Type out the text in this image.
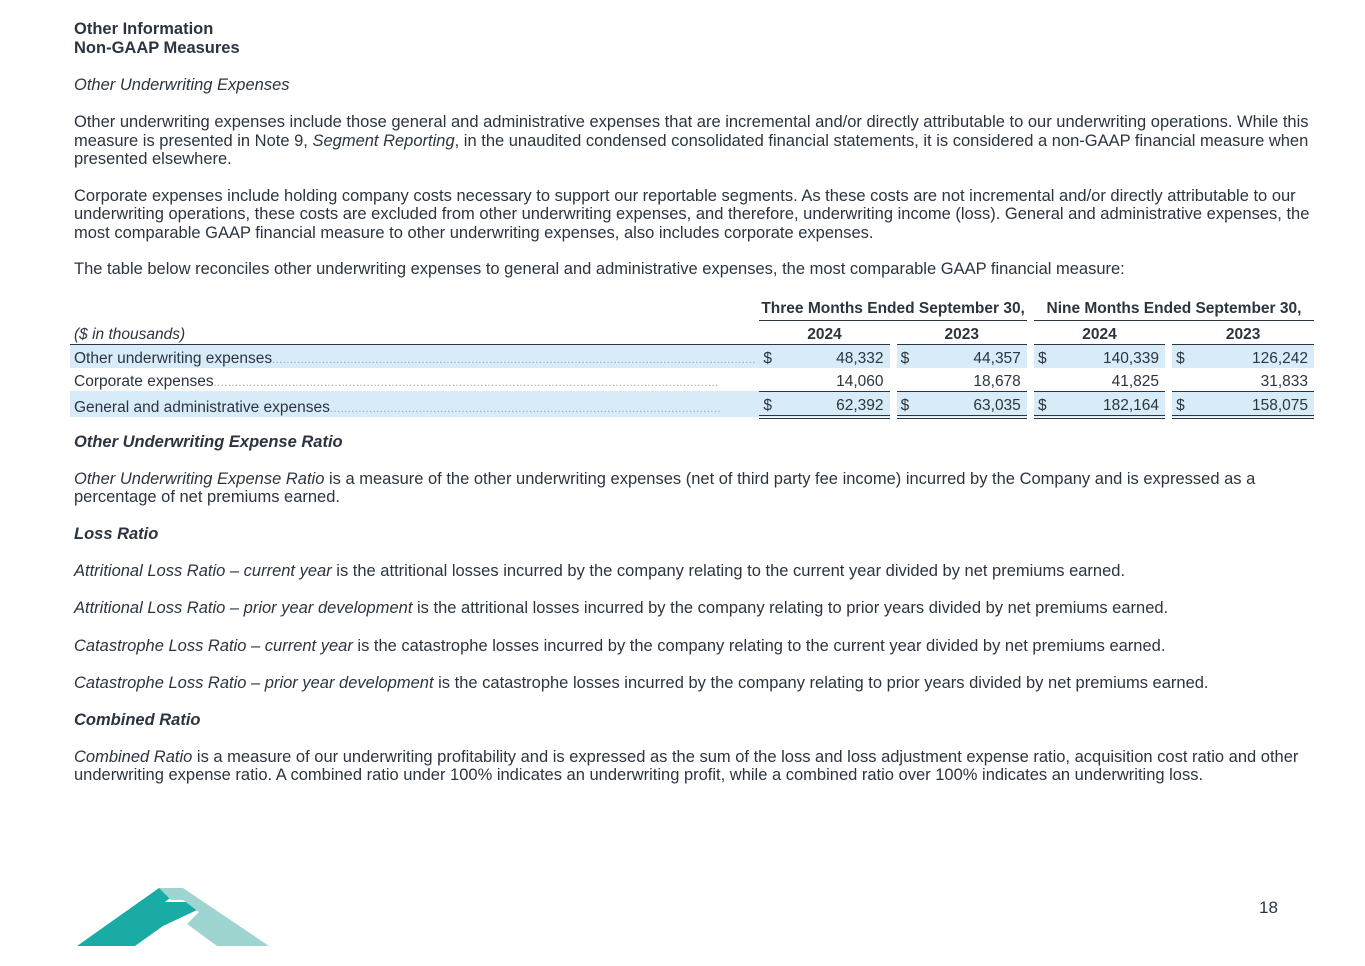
Other Information
Non-GAAP Measures
Other Underwriting Expenses
Other underwriting expenses include those general and administrative expenses that are incremental and/or directly attributable to our underwriting operations. While this measure is presented in Note 9, Segment Reporting, in the unaudited condensed consolidated financial statements, it is considered a non-GAAP financial measure when presented elsewhere.
Corporate expenses include holding company costs necessary to support our reportable segments. As these costs are not incremental and/or directly attributable to our underwriting operations, these costs are excluded from other underwriting expenses, and therefore, underwriting income (loss). General and administrative expenses, the most comparable GAAP financial measure to other underwriting expenses, also includes corporate expenses.
The table below reconciles other underwriting expenses to general and administrative expenses, the most comparable GAAP financial measure:
		Three Months Ended September 30,						Nine Months Ended September 30,				
($ in thousands)		2024			2023			2024			2023	
Other underwriting expenses........................................................................................................................................		$	48,332		$	44,357		$	140,339		$	126,242
Corporate expenses..............................................................................................................................................			14,060			18,678			41,825			31,833
General and administrative expenses..............................................................................................................		$	62,392		$	63,035		$	182,164		$	158,075
Other Underwriting Expense Ratio
Other Underwriting Expense Ratio is a measure of the other underwriting expenses (net of third party fee income) incurred by the Company and is expressed as a percentage of net premiums earned.
Loss Ratio
Attritional Loss Ratio – current year is the attritional losses incurred by the company relating to the current year divided by net premiums earned.
Attritional Loss Ratio – prior year development is the attritional losses incurred by the company relating to prior years divided by net premiums earned.
Catastrophe Loss Ratio – current year is the catastrophe losses incurred by the company relating to the current year divided by net premiums earned.
Catastrophe Loss Ratio – prior year development is the catastrophe losses incurred by the company relating to prior years divided by net premiums earned.
Combined Ratio
Combined Ratio is a measure of our underwriting profitability and is expressed as the sum of the loss and loss adjustment expense ratio, acquisition cost ratio and other underwriting expense ratio. A combined ratio under 100% indicates an underwriting profit, while a combined ratio over 100% indicates an underwriting loss.
18
